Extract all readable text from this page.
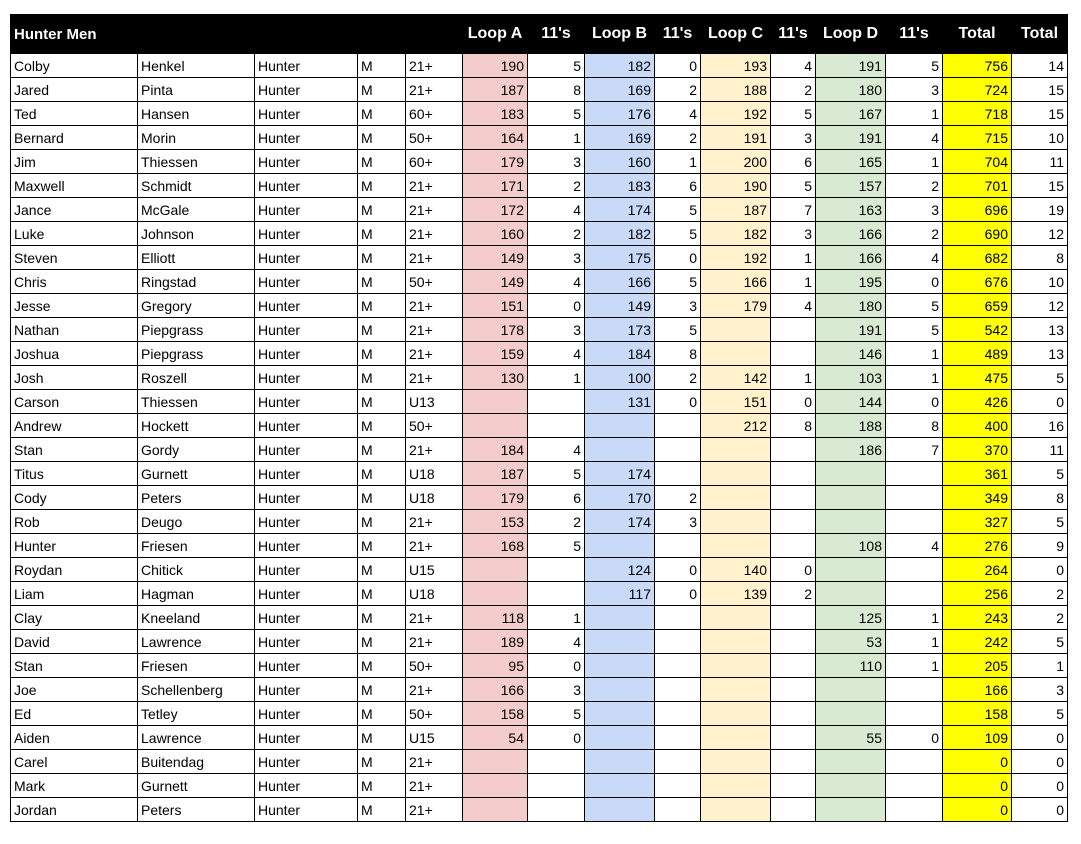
Hunter Men					Loop A	11's	Loop B	11's	Loop C	11's	Loop D	11's	Total	Total
Colby	Henkel	Hunter	M	21+	190	5	182	0	193	4	191	5	756	14
Jared	Pinta	Hunter	M	21+	187	8	169	2	188	2	180	3	724	15
Ted	Hansen	Hunter	M	60+	183	5	176	4	192	5	167	1	718	15
Bernard	Morin	Hunter	M	50+	164	1	169	2	191	3	191	4	715	10
Jim	Thiessen	Hunter	M	60+	179	3	160	1	200	6	165	1	704	11
Maxwell	Schmidt	Hunter	M	21+	171	2	183	6	190	5	157	2	701	15
Jance	McGale	Hunter	M	21+	172	4	174	5	187	7	163	3	696	19
Luke	Johnson	Hunter	M	21+	160	2	182	5	182	3	166	2	690	12
Steven	Elliott	Hunter	M	21+	149	3	175	0	192	1	166	4	682	8
Chris	Ringstad	Hunter	M	50+	149	4	166	5	166	1	195	0	676	10
Jesse	Gregory	Hunter	M	21+	151	0	149	3	179	4	180	5	659	12
Nathan	Piepgrass	Hunter	M	21+	178	3	173	5			191	5	542	13
Joshua	Piepgrass	Hunter	M	21+	159	4	184	8			146	1	489	13
Josh	Roszell	Hunter	M	21+	130	1	100	2	142	1	103	1	475	5
Carson	Thiessen	Hunter	M	U13			131	0	151	0	144	0	426	0
Andrew	Hockett	Hunter	M	50+					212	8	188	8	400	16
Stan	Gordy	Hunter	M	21+	184	4					186	7	370	11
Titus	Gurnett	Hunter	M	U18	187	5	174						361	5
Cody	Peters	Hunter	M	U18	179	6	170	2					349	8
Rob	Deugo	Hunter	M	21+	153	2	174	3					327	5
Hunter	Friesen	Hunter	M	21+	168	5					108	4	276	9
Roydan	Chitick	Hunter	M	U15			124	0	140	0			264	0
Liam	Hagman	Hunter	M	U18			117	0	139	2			256	2
Clay	Kneeland	Hunter	M	21+	118	1					125	1	243	2
David	Lawrence	Hunter	M	21+	189	4					53	1	242	5
Stan	Friesen	Hunter	M	50+	95	0					110	1	205	1
Joe	Schellenberg	Hunter	M	21+	166	3							166	3
Ed	Tetley	Hunter	M	50+	158	5							158	5
Aiden	Lawrence	Hunter	M	U15	54	0					55	0	109	0
Carel	Buitendag	Hunter	M	21+									0	0
Mark	Gurnett	Hunter	M	21+									0	0
Jordan	Peters	Hunter	M	21+									0	0
